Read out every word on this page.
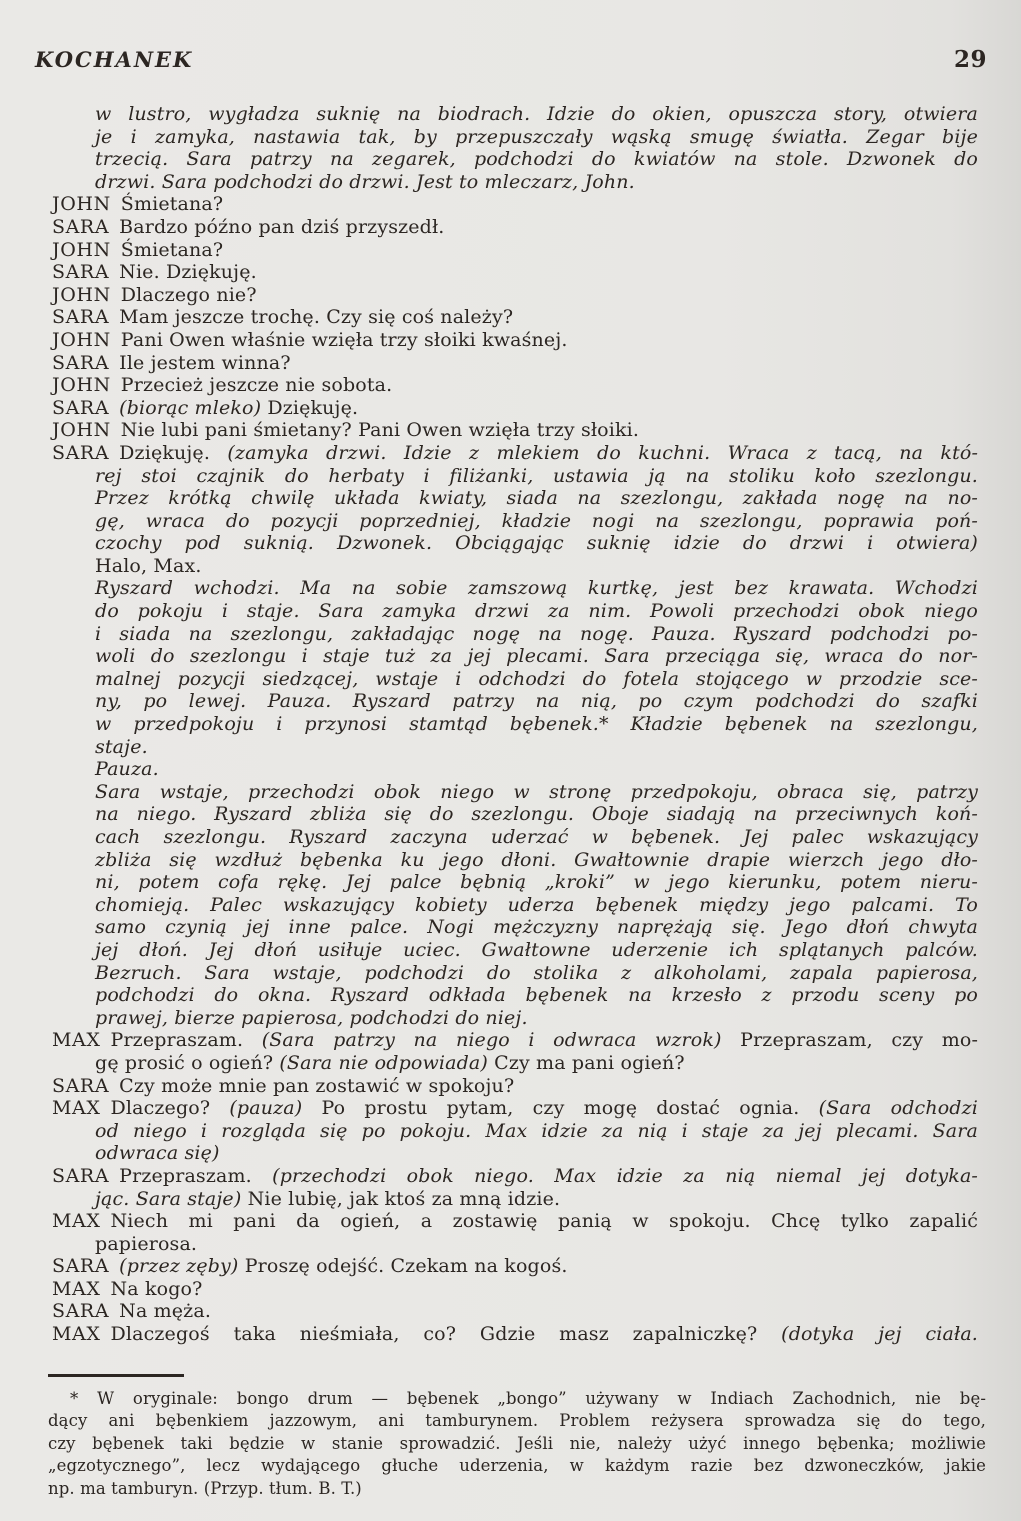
KOCHANEK	29
w lustro, wygładza suknię na biodrach. Idzie do okien, opuszcza story, otwiera
je i zamyka, nastawia tak, by przepuszczały wąską smugę światła. Zegar bije
trzecią. Sara patrzy na zegarek, podchodzi do kwiatów na stole. Dzwonek do
drzwi. Sara podchodzi do drzwi. Jest to mleczarz, John.
JOHN Śmietana?
SARA Bardzo późno pan dziś przyszedł.
JOHN Śmietana?
SARA Nie. Dziękuję.
JOHN Dlaczego nie?
SARA Mam jeszcze trochę. Czy się coś należy?
JOHN Pani Owen właśnie wzięła trzy słoiki kwaśnej.
SARA Ile jestem winna?
JOHN Przecież jeszcze nie sobota.
SARA (biorąc mleko) Dziękuję.
JOHN Nie lubi pani śmietany? Pani Owen wzięła trzy słoiki.
SARA Dziękuję. (zamyka drzwi. Idzie z mlekiem do kuchni. Wraca z tacą, na któ-
rej stoi czajnik do herbaty i filiżanki, ustawia ją na stoliku koło szezlongu.
Przez krótką chwilę układa kwiaty, siada na szezlongu, zakłada nogę na no-
gę, wraca do pozycji poprzedniej, kładzie nogi na szezlongu, poprawia poń-
czochy pod suknią. Dzwonek. Obciągając suknię idzie do drzwi i otwiera)
Halo, Max.
Ryszard wchodzi. Ma na sobie zamszową kurtkę, jest bez krawata. Wchodzi
do pokoju i staje. Sara zamyka drzwi za nim. Powoli przechodzi obok niego
i siada na szezlongu, zakładając nogę na nogę. Pauza. Ryszard podchodzi po-
woli do szezlongu i staje tuż za jej plecami. Sara przeciąga się, wraca do nor-
malnej pozycji siedzącej, wstaje i odchodzi do fotela stojącego w przodzie sce-
ny, po lewej. Pauza. Ryszard patrzy na nią, po czym podchodzi do szafki
w przedpokoju i przynosi stamtąd bębenek.* Kładzie bębenek na szezlongu,
staje.
Pauza.
Sara wstaje, przechodzi obok niego w stronę przedpokoju, obraca się, patrzy
na niego. Ryszard zbliża się do szezlongu. Oboje siadają na przeciwnych koń-
cach szezlongu. Ryszard zaczyna uderzać w bębenek. Jej palec wskazujący
zbliża się wzdłuż bębenka ku jego dłoni. Gwałtownie drapie wierzch jego dło-
ni, potem cofa rękę. Jej palce bębnią „kroki” w jego kierunku, potem nieru-
chomieją. Palec wskazujący kobiety uderza bębenek między jego palcami. To
samo czynią jej inne palce. Nogi mężczyzny naprężają się. Jego dłoń chwyta
jej dłoń. Jej dłoń usiłuje uciec. Gwałtowne uderzenie ich splątanych palców.
Bezruch. Sara wstaje, podchodzi do stolika z alkoholami, zapala papierosa,
podchodzi do okna. Ryszard odkłada bębenek na krzesło z przodu sceny po
prawej, bierze papierosa, podchodzi do niej.
MAX Przepraszam. (Sara patrzy na niego i odwraca wzrok) Przepraszam, czy mo-
gę prosić o ogień? (Sara nie odpowiada) Czy ma pani ogień?
SARA Czy może mnie pan zostawić w spokoju?
MAX Dlaczego? (pauza) Po prostu pytam, czy mogę dostać ognia. (Sara odchodzi
od niego i rozgląda się po pokoju. Max idzie za nią i staje za jej plecami. Sara
odwraca się)
SARA Przepraszam. (przechodzi obok niego. Max idzie za nią niemal jej dotyka-
jąc. Sara staje) Nie lubię, jak ktoś za mną idzie.
MAX Niech mi pani da ogień, a zostawię panią w spokoju. Chcę tylko zapalić
papierosa.
SARA (przez zęby) Proszę odejść. Czekam na kogoś.
MAX Na kogo?
SARA Na męża.
MAX Dlaczegoś taka nieśmiała, co? Gdzie masz zapalniczkę? (dotyka jej ciała.
* W oryginale: bongo drum — bębenek „bongo” używany w Indiach Zachodnich, nie bę-
dący ani bębenkiem jazzowym, ani tamburynem. Problem reżysera sprowadza się do tego,
czy bębenek taki będzie w stanie sprowadzić. Jeśli nie, należy użyć innego bębenka; możliwie
„egzotycznego”, lecz wydającego głuche uderzenia, w każdym razie bez dzwoneczków, jakie
np. ma tamburyn. (Przyp. tłum. B. T.)
